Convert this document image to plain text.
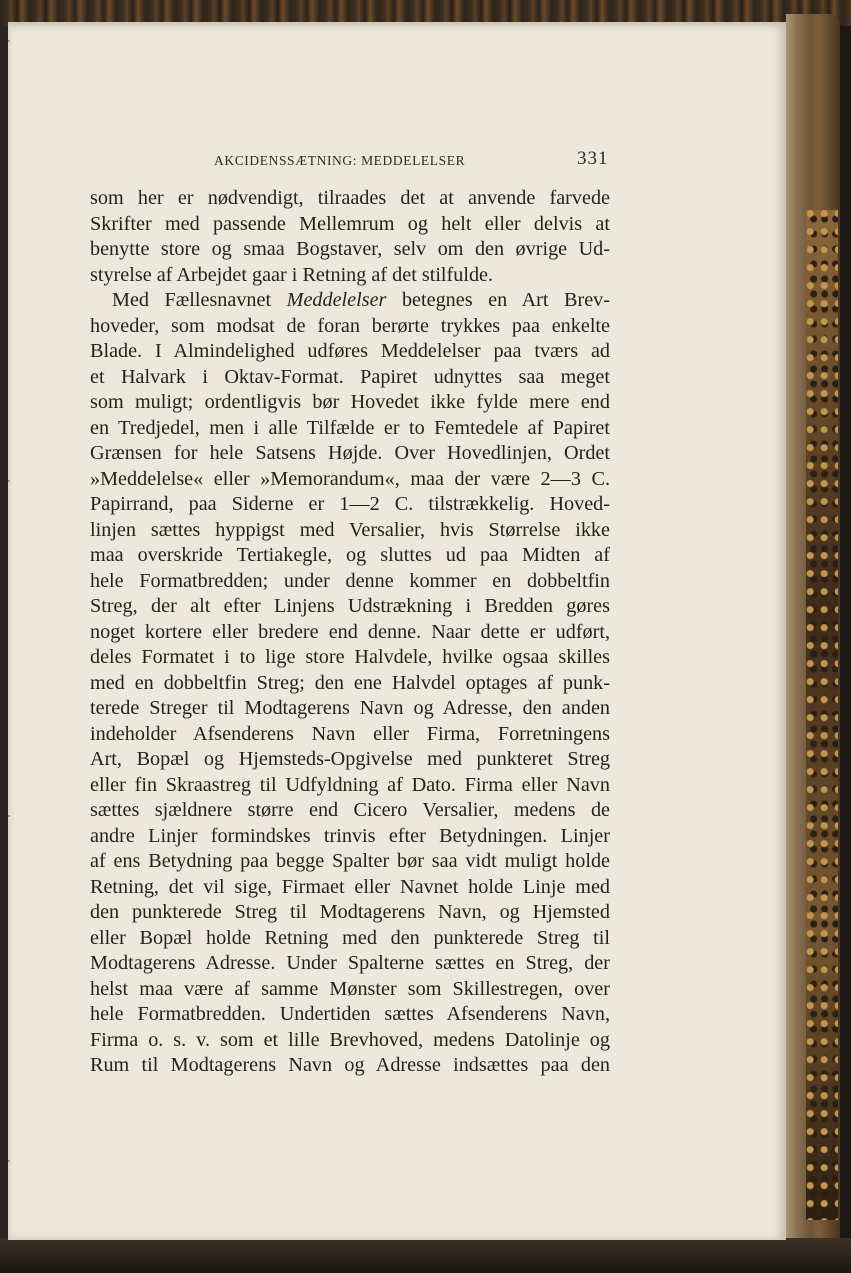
AKCIDENSSÆTNING: MEDDELELSER	331
som her er nødvendigt, tilraades det at anvende farvede
Skrifter med passende Mellemrum og helt eller delvis at
benytte store og smaa Bogstaver, selv om den øvrige Ud-
styrelse af Arbejdet gaar i Retning af det stilfulde.
Med Fællesnavnet Meddelelser betegnes en Art Brev-
hoveder, som modsat de foran berørte trykkes paa enkelte
Blade. I Almindelighed udføres Meddelelser paa tværs ad
et Halvark i Oktav-Format. Papiret udnyttes saa meget
som muligt; ordentligvis bør Hovedet ikke fylde mere end
en Tredjedel, men i alle Tilfælde er to Femtedele af Papiret
Grænsen for hele Satsens Højde. Over Hovedlinjen, Ordet
»Meddelelse« eller »Memorandum«, maa der være 2—3 C.
Papirrand, paa Siderne er 1—2 C. tilstrækkelig. Hoved-
linjen sættes hyppigst med Versalier, hvis Størrelse ikke
maa overskride Tertiakegle, og sluttes ud paa Midten af
hele Formatbredden; under denne kommer en dobbeltfin
Streg, der alt efter Linjens Udstrækning i Bredden gøres
noget kortere eller bredere end denne. Naar dette er udført,
deles Formatet i to lige store Halvdele, hvilke ogsaa skilles
med en dobbeltfin Streg; den ene Halvdel optages af punk-
terede Streger til Modtagerens Navn og Adresse, den anden
indeholder Afsenderens Navn eller Firma, Forretningens
Art, Bopæl og Hjemsteds-Opgivelse med punkteret Streg
eller fin Skraastreg til Udfyldning af Dato. Firma eller Navn
sættes sjældnere større end Cicero Versalier, medens de
andre Linjer formindskes trinvis efter Betydningen. Linjer
af ens Betydning paa begge Spalter bør saa vidt muligt holde
Retning, det vil sige, Firmaet eller Navnet holde Linje med
den punkterede Streg til Modtagerens Navn, og Hjemsted
eller Bopæl holde Retning med den punkterede Streg til
Modtagerens Adresse. Under Spalterne sættes en Streg, der
helst maa være af samme Mønster som Skillestregen, over
hele Formatbredden. Undertiden sættes Afsenderens Navn,
Firma o. s. v. som et lille Brevhoved, medens Datolinje og
Rum til Modtagerens Navn og Adresse indsættes paa den
